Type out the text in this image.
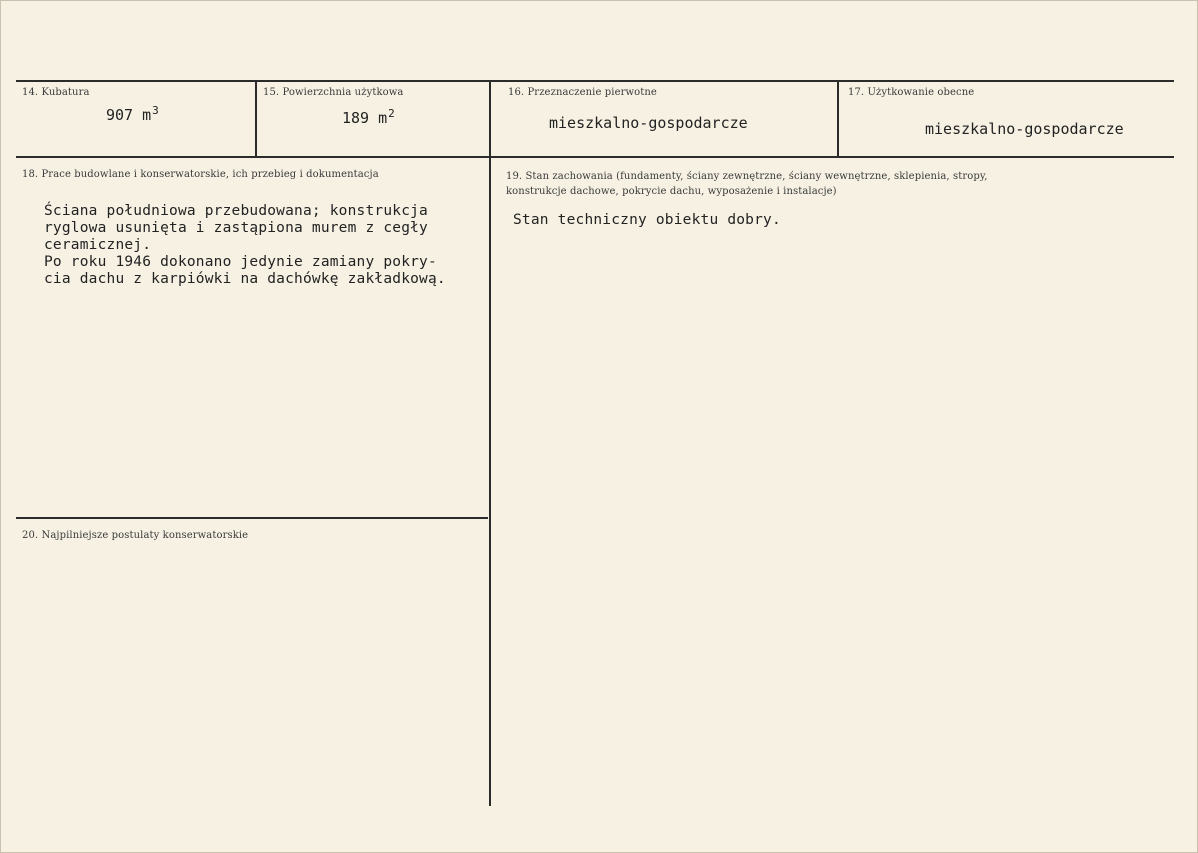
14. Kubatura
907 $m^3$
15. Powierzchnia użytkowa
189 $m^2$
16. Przeznaczenie pierwotne
mieszkalno-gospodarcze
17. Użytkowanie obecne
mieszkalno-gospodarcze
18. Prace budowlane i konserwatorskie, ich przebieg i dokumentacja
Ściana południowa przebudowana; konstrukcja
ryglowa usunięta i zastąpiona murem z cegły
ceramicznej.
Po roku 1946 dokonano jedynie zamiany pokry-
cia dachu z karpiówki na dachówkę zakładkową.
19. Stan zachowania (fundamenty, ściany zewnętrzne, ściany wewnętrzne, sklepienia, stropy,
konstrukcje dachowe, pokrycie dachu, wyposażenie i instalacje)
Stan techniczny obiektu dobry.
20. Najpilniejsze postulaty konserwatorskie
